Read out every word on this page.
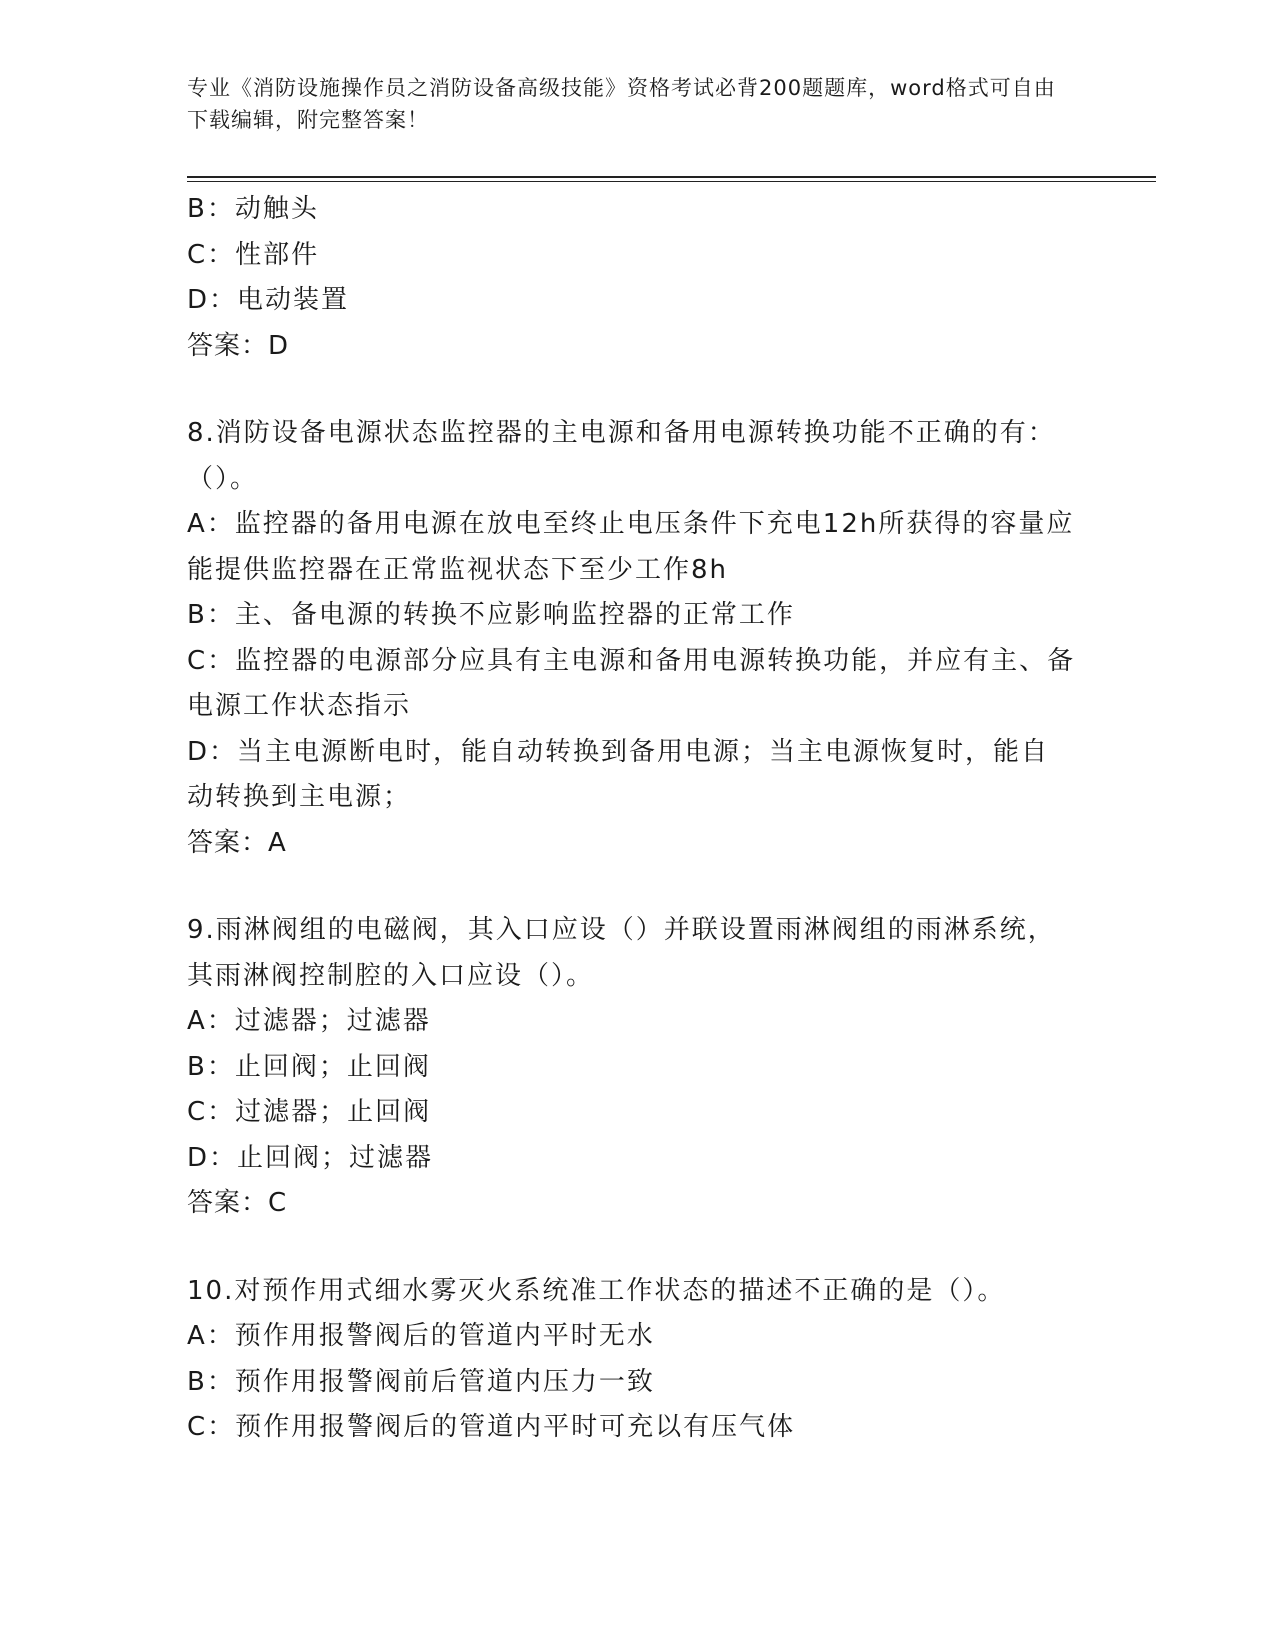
专业《消防设施操作员之消防设备高级技能》资格考试必背200题题库，word格式可自由下载编辑，附完整答案！
B：动触头
C：性部件
D：电动装置
答案：D
8.消防设备电源状态监控器的主电源和备用电源转换功能不正确的有：（）。
A：监控器的备用电源在放电至终止电压条件下充电12h所获得的容量应能提供监控器在正常监视状态下至少工作8h
B：主、备电源的转换不应影响监控器的正常工作
C：监控器的电源部分应具有主电源和备用电源转换功能，并应有主、备电源工作状态指示
D：当主电源断电时，能自动转换到备用电源；当主电源恢复时，能自动转换到主电源；
答案：A
9.雨淋阀组的电磁阀，其入口应设（）并联设置雨淋阀组的雨淋系统，其雨淋阀控制腔的入口应设（）。
A：过滤器；过滤器
B：止回阀；止回阀
C：过滤器；止回阀
D：止回阀；过滤器
答案：C
10.对预作用式细水雾灭火系统准工作状态的描述不正确的是（）。
A：预作用报警阀后的管道内平时无水
B：预作用报警阀前后管道内压力一致
C：预作用报警阀后的管道内平时可充以有压气体
